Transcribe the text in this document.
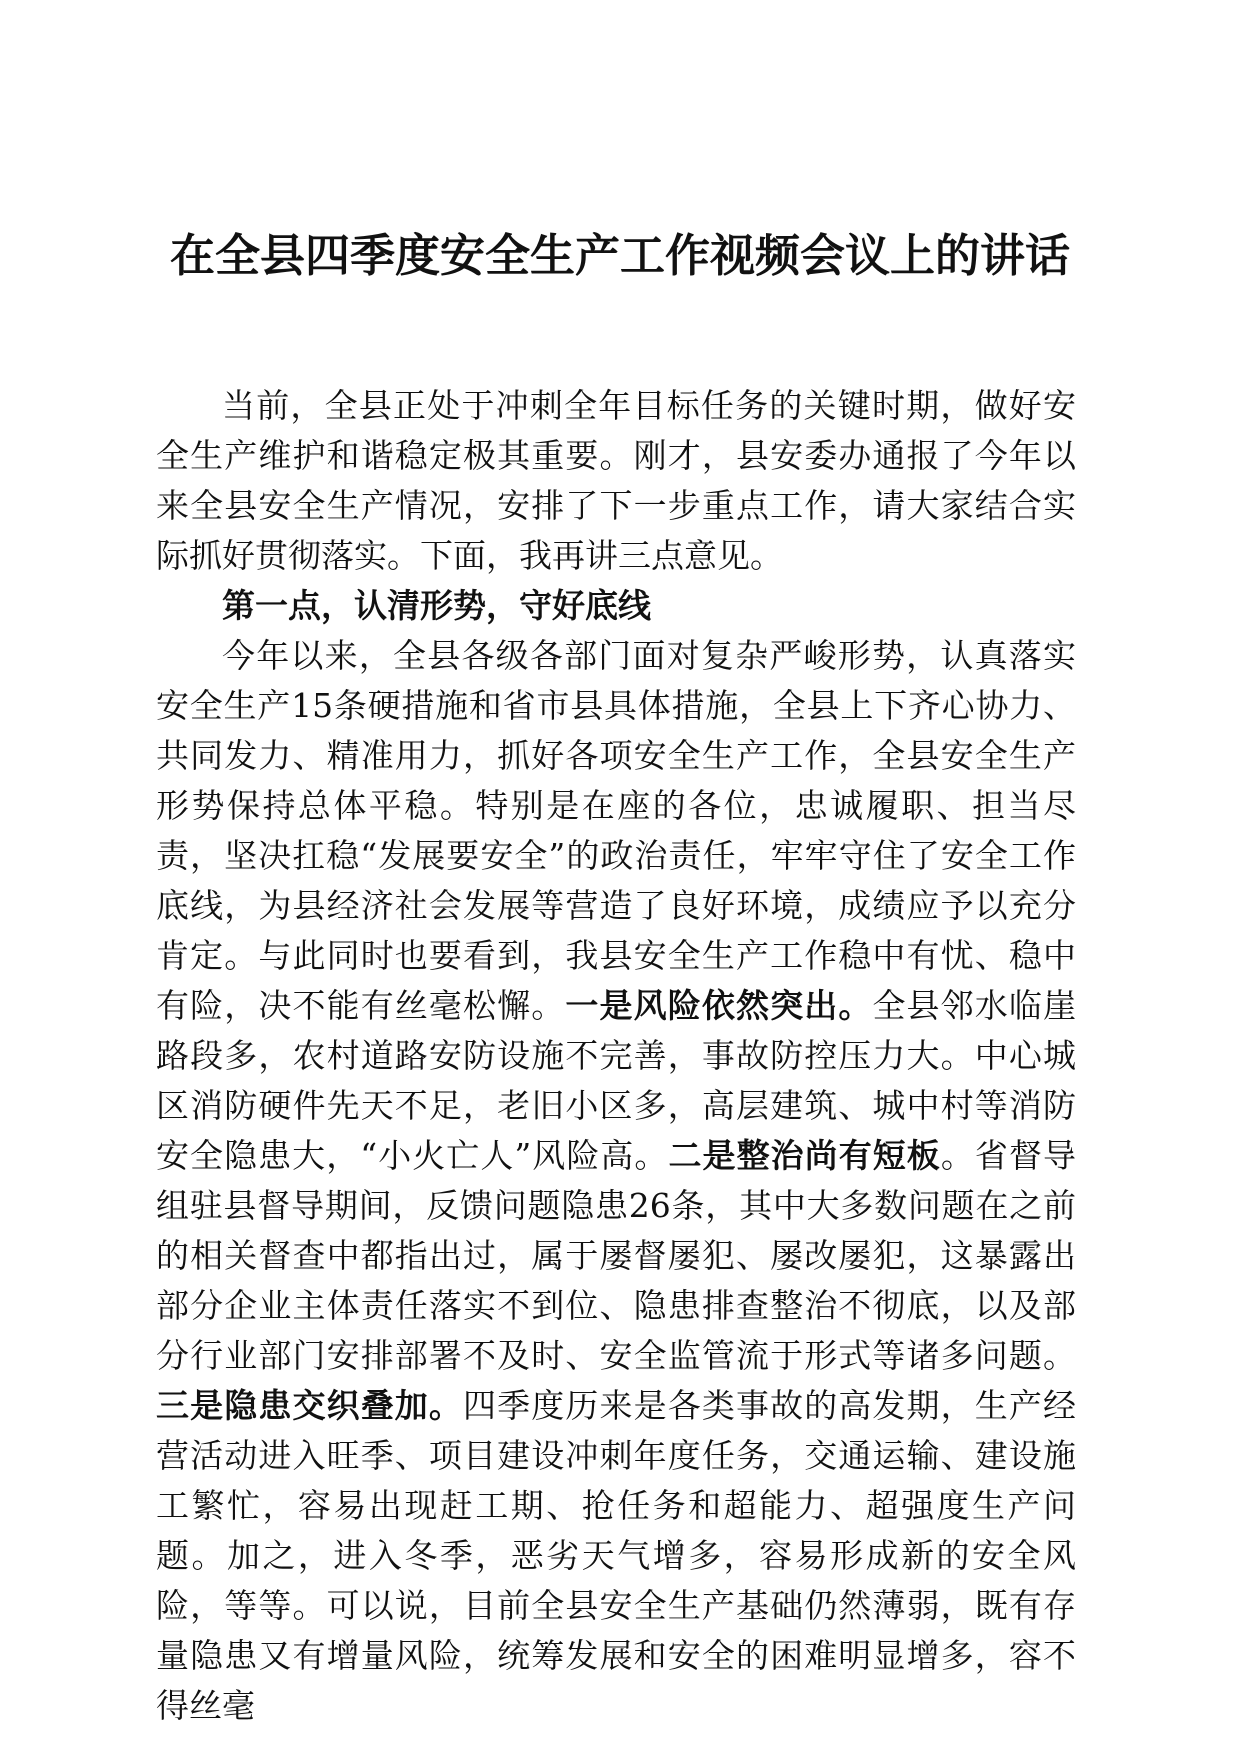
在全县四季度安全生产工作视频会议上的讲话

当前，全县正处于冲刺全年目标任务的关键时期，做好安全生产维护和谐稳定极其重要。刚才，县安委办通报了今年以来全县安全生产情况，安排了下一步重点工作，请大家结合实际抓好贯彻落实。下面，我再讲三点意见。

第一点，认清形势，守好底线

今年以来，全县各级各部门面对复杂严峻形势，认真落实安全生产15条硬措施和省市县具体措施，全县上下齐心协力、共同发力、精准用力，抓好各项安全生产工作，全县安全生产形势保持总体平稳。特别是在座的各位，忠诚履职、担当尽责，坚决扛稳“发展要安全”的政治责任，牢牢守住了安全工作底线，为县经济社会发展等营造了良好环境，成绩应予以充分肯定。与此同时也要看到，我县安全生产工作稳中有忧、稳中有险，决不能有丝毫松懈。一是风险依然突出。全县邻水临崖路段多，农村道路安防设施不完善，事故防控压力大。中心城区消防硬件先天不足，老旧小区多，高层建筑、城中村等消防安全隐患大，“小火亡人”风险高。二是整治尚有短板。省督导组驻县督导期间，反馈问题隐患26条，其中大多数问题在之前的相关督查中都指出过，属于屡督屡犯、屡改屡犯，这暴露出部分企业主体责任落实不到位、隐患排查整治不彻底，以及部分行业部门安排部署不及时、安全监管流于形式等诸多问题。三是隐患交织叠加。四季度历来是各类事故的高发期，生产经营活动进入旺季、项目建设冲刺年度任务，交通运输、建设施工繁忙，容易出现赶工期、抢任务和超能力、超强度生产问题。加之，进入冬季，恶劣天气增多，容易形成新的安全风险，等等。可以说，目前全县安全生产基础仍然薄弱，既有存量隐患又有增量风险，统筹发展和安全的困难明显增多，容不得丝毫
